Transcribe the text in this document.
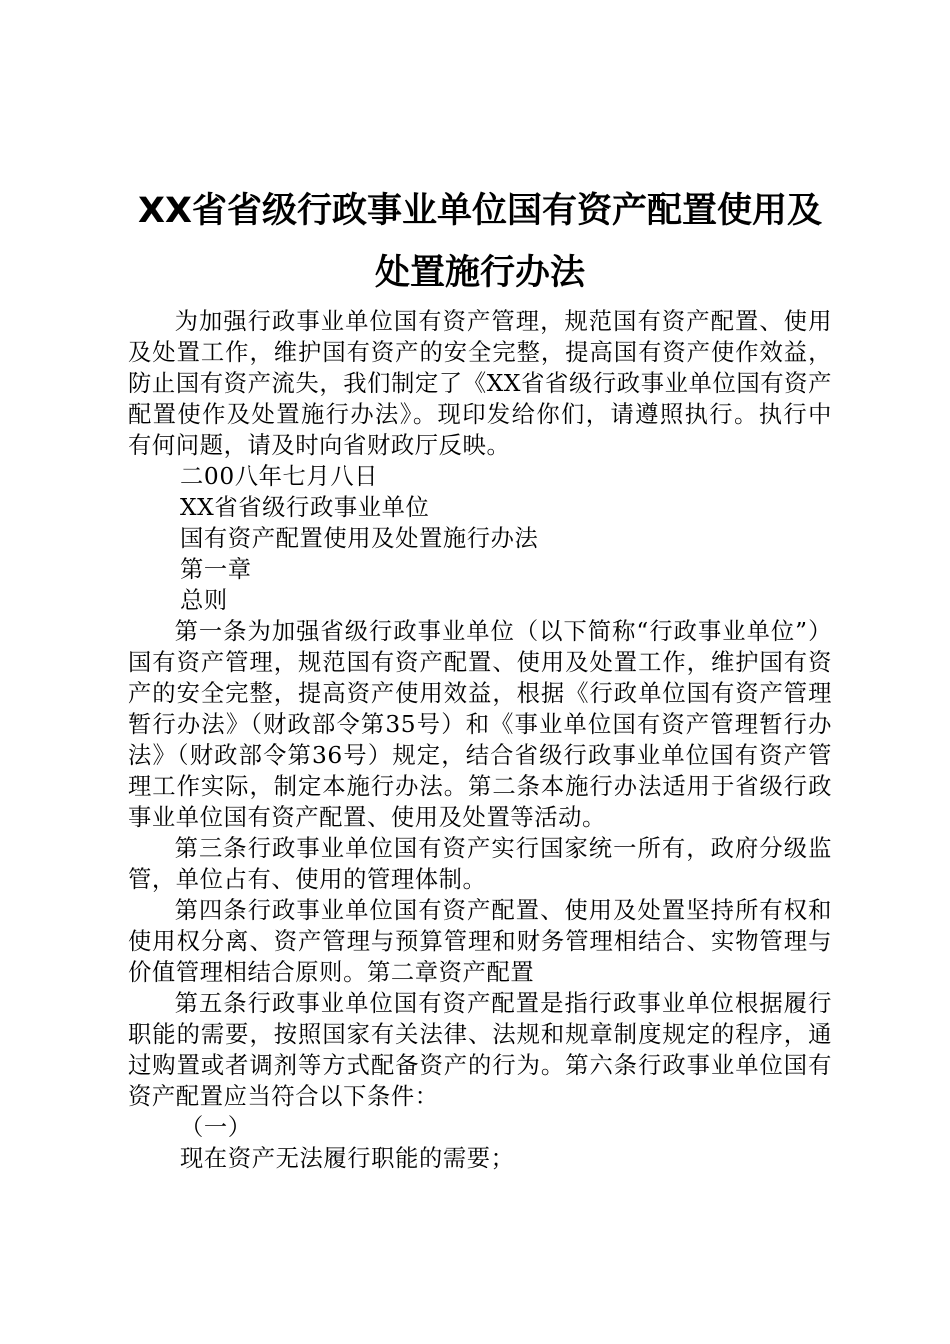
XX省省级行政事业单位国有资产配置使用及
处置施行办法

为加强行政事业单位国有资产管理，规范国有资产配置、使用及处置工作，维护国有资产的安全完整，提高国有资产使作效益，防止国有资产流失，我们制定了《XX省省级行政事业单位国有资产配置使作及处置施行办法》。现印发给你们，请遵照执行。执行中有何问题，请及时向省财政厅反映。

二00八年七月八日

XX省省级行政事业单位

国有资产配置使用及处置施行办法

第一章

总则

第一条为加强省级行政事业单位（以下简称“行政事业单位”）国有资产管理，规范国有资产配置、使用及处置工作，维护国有资产的安全完整，提高资产使用效益，根据《行政单位国有资产管理暂行办法》（财政部令第35号）和《事业单位国有资产管理暂行办法》（财政部令第36号）规定，结合省级行政事业单位国有资产管理工作实际，制定本施行办法。第二条本施行办法适用于省级行政事业单位国有资产配置、使用及处置等活动。

第三条行政事业单位国有资产实行国家统一所有，政府分级监管，单位占有、使用的管理体制。

第四条行政事业单位国有资产配置、使用及处置坚持所有权和使用权分离、资产管理与预算管理和财务管理相结合、实物管理与价值管理相结合原则。第二章资产配置

第五条行政事业单位国有资产配置是指行政事业单位根据履行职能的需要，按照国家有关法律、法规和规章制度规定的程序，通过购置或者调剂等方式配备资产的行为。第六条行政事业单位国有资产配置应当符合以下条件：

（一）

现在资产无法履行职能的需要；
